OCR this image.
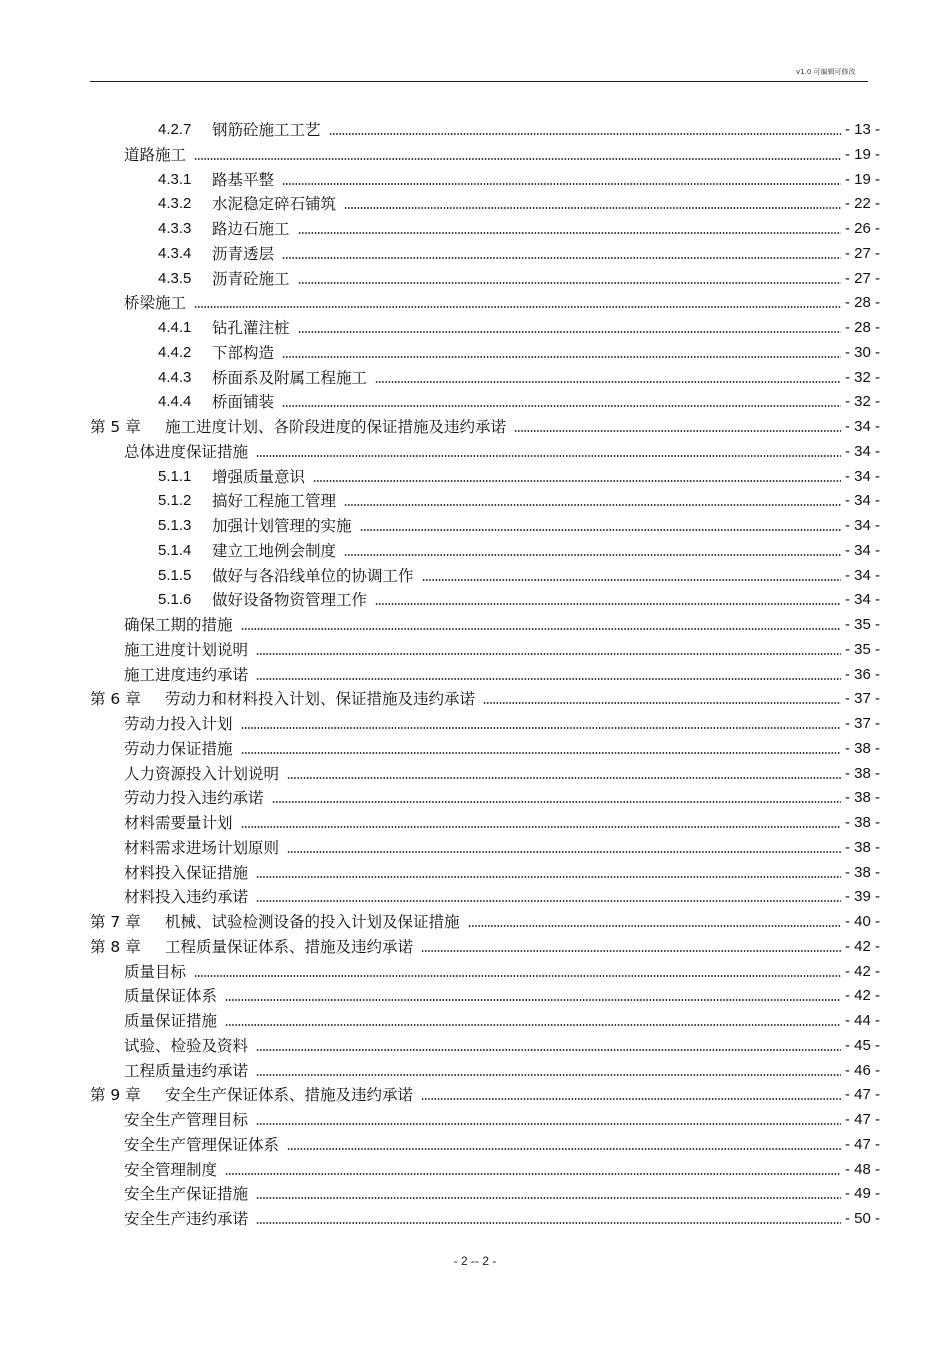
v1.0 可编辑可修改
4.2.7	钢筋砼施工工艺	- 13 -
道路施工	- 19 -
4.3.1	路基平整	- 19 -
4.3.2	水泥稳定碎石铺筑	- 22 -
4.3.3	路边石施工	- 26 -
4.3.4	沥青透层	- 27 -
4.3.5	沥青砼施工	- 27 -
桥梁施工	- 28 -
4.4.1	钻孔灌注桩	- 28 -
4.4.2	下部构造	- 30 -
4.4.3	桥面系及附属工程施工	- 32 -
4.4.4	桥面铺装	- 32 -
第 5 章	施工进度计划、各阶段进度的保证措施及违约承诺	- 34 -
总体进度保证措施	- 34 -
5.1.1	增强质量意识	- 34 -
5.1.2	搞好工程施工管理	- 34 -
5.1.3	加强计划管理的实施	- 34 -
5.1.4	建立工地例会制度	- 34 -
5.1.5	做好与各沿线单位的协调工作	- 34 -
5.1.6	做好设备物资管理工作	- 34 -
确保工期的措施	- 35 -
施工进度计划说明	- 35 -
施工进度违约承诺	- 36 -
第 6 章	劳动力和材料投入计划、保证措施及违约承诺	- 37 -
劳动力投入计划	- 37 -
劳动力保证措施	- 38 -
人力资源投入计划说明	- 38 -
劳动力投入违约承诺	- 38 -
材料需要量计划	- 38 -
材料需求进场计划原则	- 38 -
材料投入保证措施	- 38 -
材料投入违约承诺	- 39 -
第 7 章	机械、试验检测设备的投入计划及保证措施	- 40 -
第 8 章	工程质量保证体系、措施及违约承诺	- 42 -
质量目标	- 42 -
质量保证体系	- 42 -
质量保证措施	- 44 -
试验、检验及资料	- 45 -
工程质量违约承诺	- 46 -
第 9 章	安全生产保证体系、措施及违约承诺	- 47 -
安全生产管理目标	- 47 -
安全生产管理保证体系	- 47 -
安全管理制度	- 48 -
安全生产保证措施	- 49 -
安全生产违约承诺	- 50 -
- 2 -- 2 -
